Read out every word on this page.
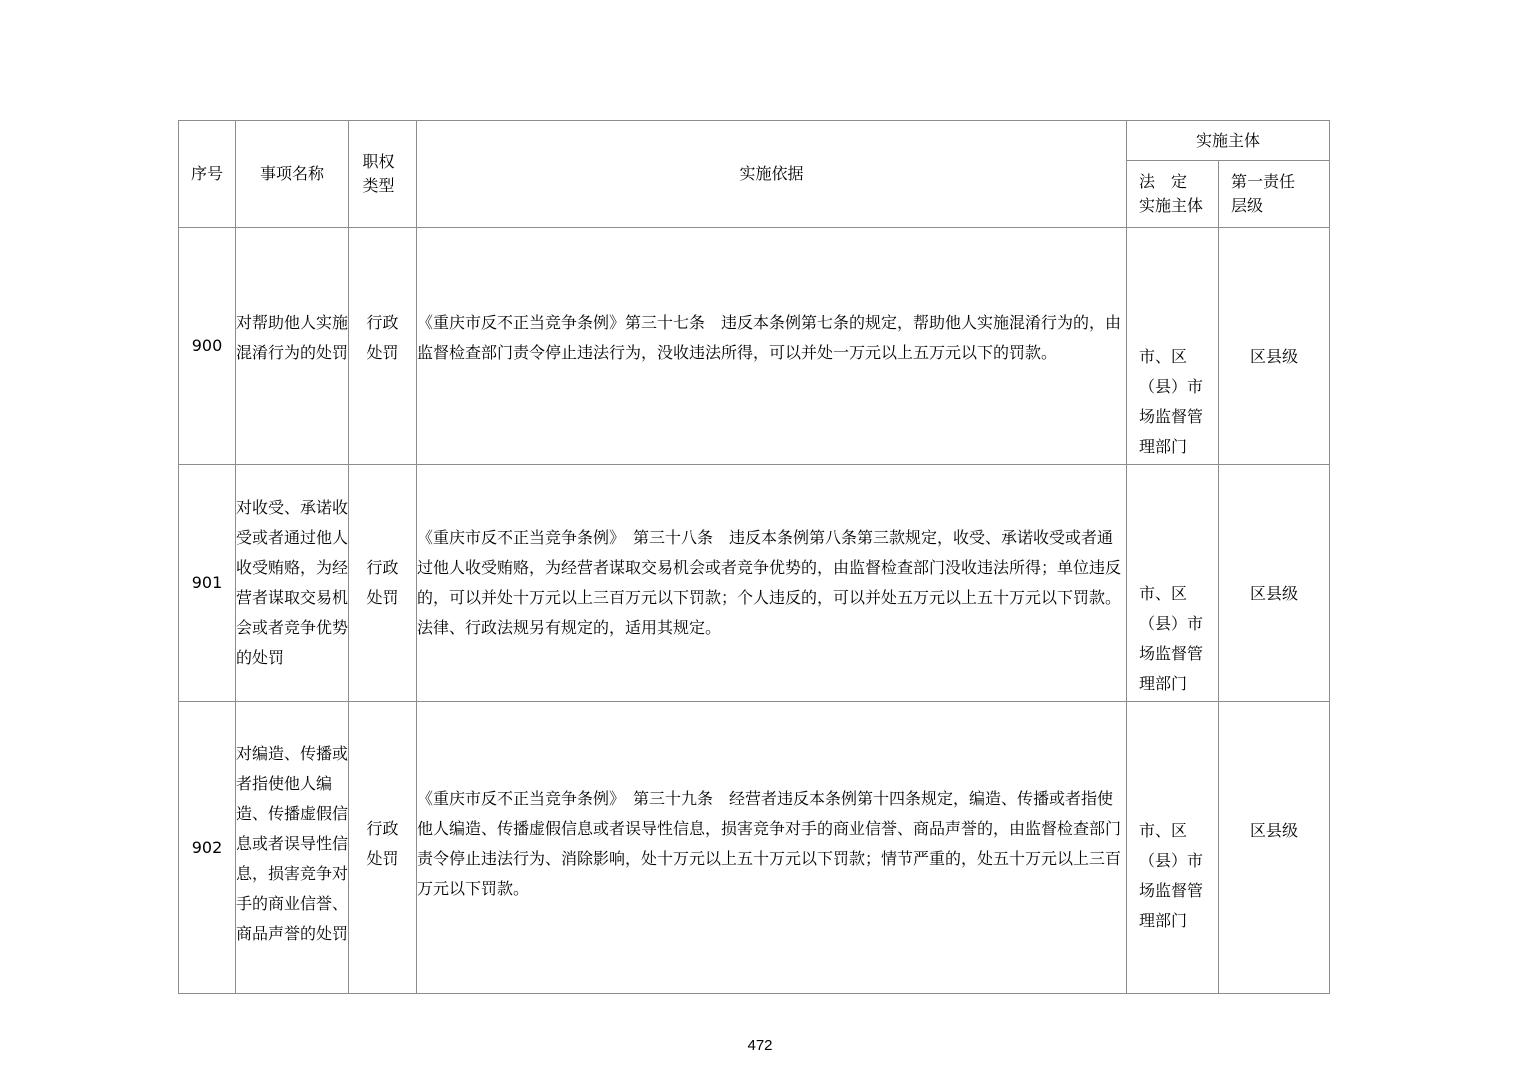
序号	事项名称
职权
类型
实施依据
实施主体
法　定
实施主体
第一责任
层级
900
对帮助他人实施混淆行为的处罚
行政
处罚
《重庆市反不正当竞争条例》第三十七条　违反本条例第七条的规定，帮助他人实施混淆行为的，由监督检查部门责令停止违法行为，没收违法所得，可以并处一万元以上五万元以下的罚款。	市、区（县）市场监督管理部门
区县级
901
对收受、承诺收受或者通过他人收受贿赂，为经营者谋取交易机会或者竞争优势的处罚
行政
处罚
《重庆市反不正当竞争条例》　第三十八条　违反本条例第八条第三款规定，收受、承诺收受或者通过他人收受贿赂，为经营者谋取交易机会或者竞争优势的，由监督检查部门没收违法所得；单位违反的，可以并处十万元以上三百万元以下罚款；个人违反的，可以并处五万元以上五十万元以下罚款。法律、行政法规另有规定的，适用其规定。
市、区（县）市场监督管理部门
区县级
902
对编造、传播或者指使他人编造、传播虚假信息或者误导性信息，损害竞争对手的商业信誉、商品声誉的处罚
行政
处罚
《重庆市反不正当竞争条例》　第三十九条　经营者违反本条例第十四条规定，编造、传播或者指使他人编造、传播虚假信息或者误导性信息，损害竞争对手的商业信誉、商品声誉的，由监督检查部门责令停止违法行为、消除影响，处十万元以上五十万元以下罚款；情节严重的，处五十万元以上三百万元以下罚款。
市、区（县）市场监督管理部门
区县级
472
